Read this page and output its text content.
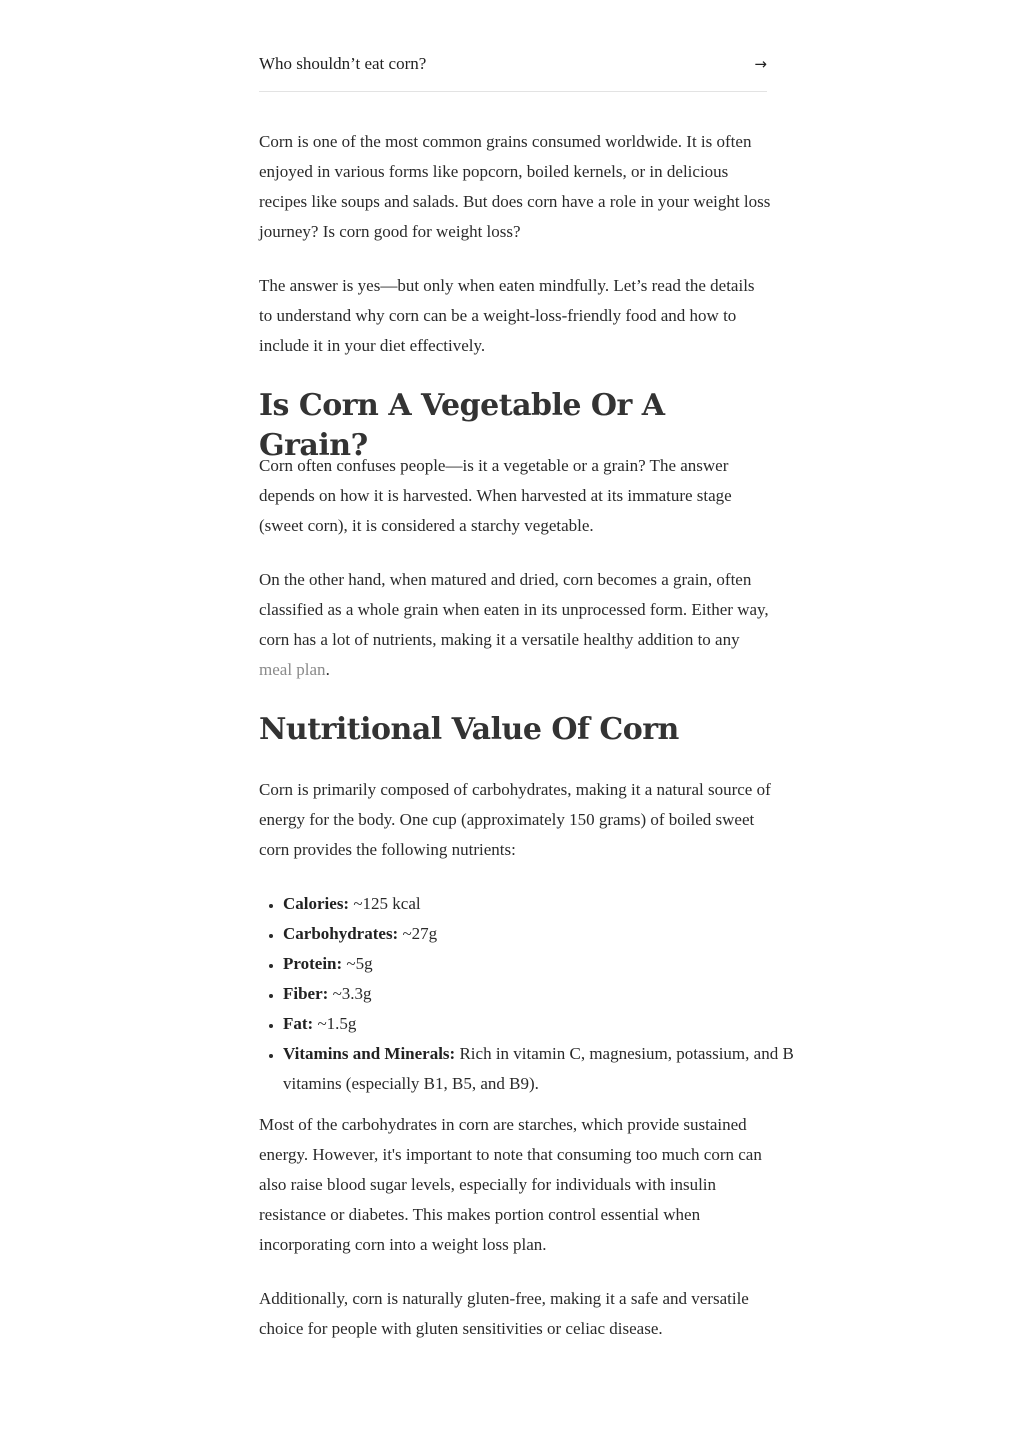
Who shouldn’t eat corn?	→

Corn is one of the most common grains consumed worldwide. It is often enjoyed in various forms like popcorn, boiled kernels, or in delicious recipes like soups and salads. But does corn have a role in your weight loss journey? Is corn good for weight loss?

The answer is yes—but only when eaten mindfully. Let’s read the details to understand why corn can be a weight-loss-friendly food and how to include it in your diet effectively.

Is Corn A Vegetable Or A Grain?

Corn often confuses people—is it a vegetable or a grain? The answer depends on how it is harvested. When harvested at its immature stage (sweet corn), it is considered a starchy vegetable.

On the other hand, when matured and dried, corn becomes a grain, often classified as a whole grain when eaten in its unprocessed form. Either way, corn has a lot of nutrients, making it a versatile healthy addition to any meal plan.

Nutritional Value Of Corn

Corn is primarily composed of carbohydrates, making it a natural source of energy for the body. One cup (approximately 150 grams) of boiled sweet corn provides the following nutrients:

• Calories: ~125 kcal
• Carbohydrates: ~27g
• Protein: ~5g
• Fiber: ~3.3g
• Fat: ~1.5g
• Vitamins and Minerals: Rich in vitamin C, magnesium, potassium, and B vitamins (especially B1, B5, and B9).

Most of the carbohydrates in corn are starches, which provide sustained energy. However, it's important to note that consuming too much corn can also raise blood sugar levels, especially for individuals with insulin resistance or diabetes. This makes portion control essential when incorporating corn into a weight loss plan.

Additionally, corn is naturally gluten-free, making it a safe and versatile choice for people with gluten sensitivities or celiac disease.
